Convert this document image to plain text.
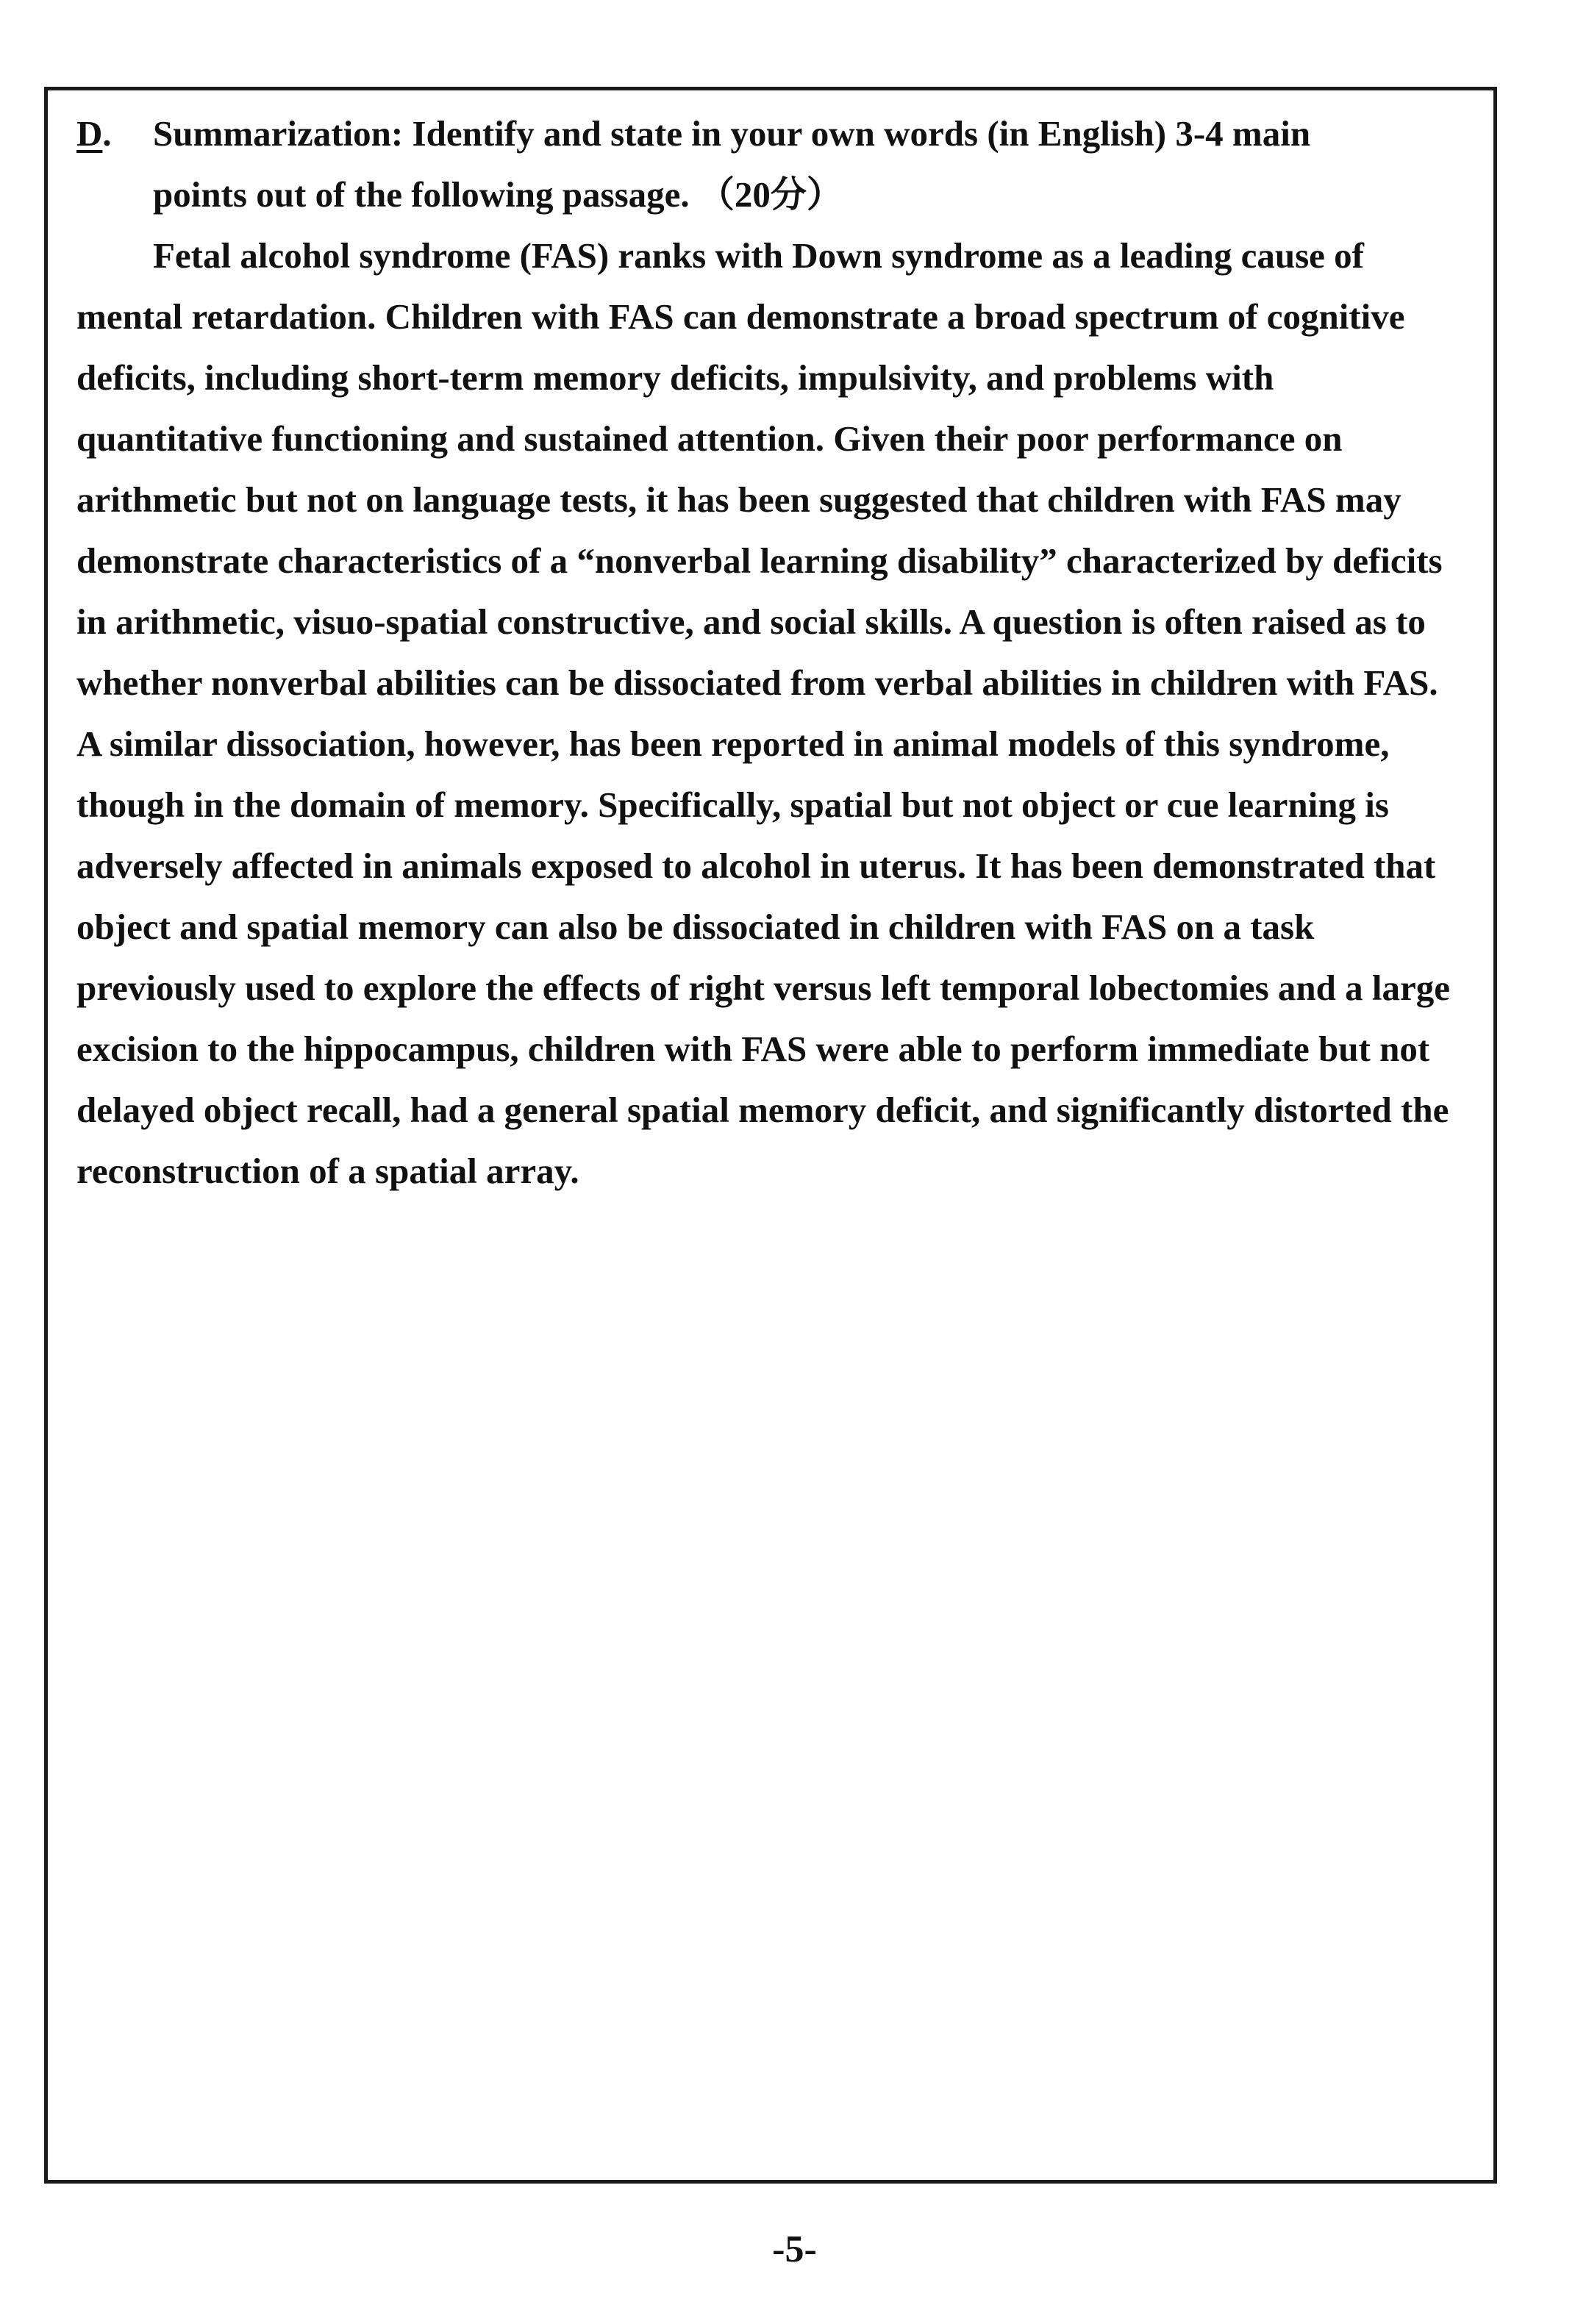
D.	Summarization: Identify and state in your own words (in English) 3-4 main
points out of the following passage. （20分）
Fetal alcohol syndrome (FAS) ranks with Down syndrome as a leading cause of
mental retardation. Children with FAS can demonstrate a broad spectrum of cognitive
deficits, including short-term memory deficits, impulsivity, and problems with
quantitative functioning and sustained attention. Given their poor performance on
arithmetic but not on language tests, it has been suggested that children with FAS may
demonstrate characteristics of a “nonverbal learning disability” characterized by deficits
in arithmetic, visuo-spatial constructive, and social skills. A question is often raised as to
whether nonverbal abilities can be dissociated from verbal abilities in children with FAS.
A similar dissociation, however, has been reported in animal models of this syndrome,
though in the domain of memory. Specifically, spatial but not object or cue learning is
adversely affected in animals exposed to alcohol in uterus. It has been demonstrated that
object and spatial memory can also be dissociated in children with FAS on a task
previously used to explore the effects of right versus left temporal lobectomies and a large
excision to the hippocampus, children with FAS were able to perform immediate but not
delayed object recall, had a general spatial memory deficit, and significantly distorted the
reconstruction of a spatial array.
-5-
